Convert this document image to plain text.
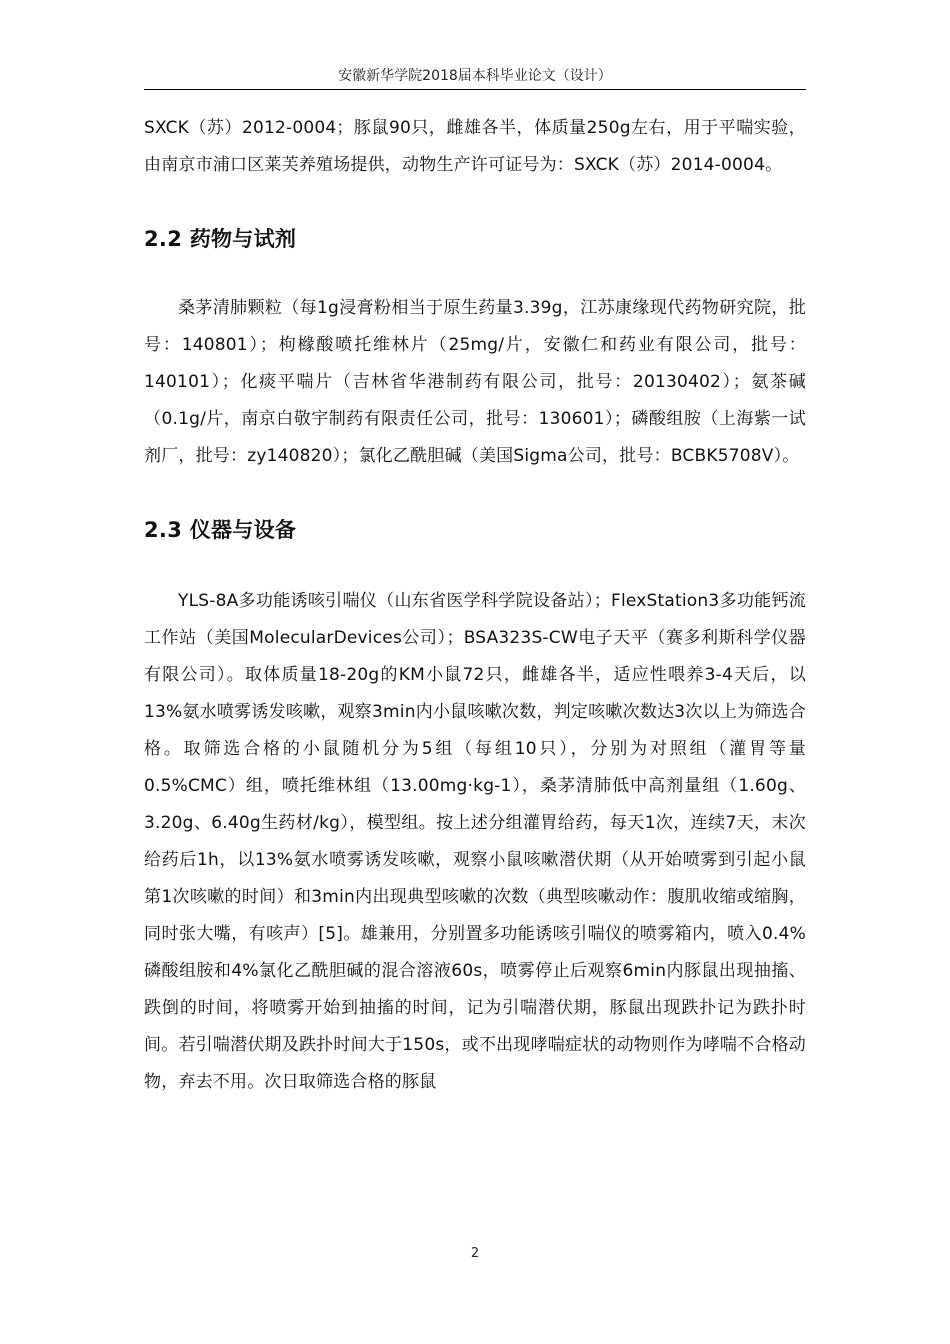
安徽新华学院2018届本科毕业论文（设计）

SXCK（苏）2012-0004；豚鼠90只，雌雄各半，体质量250g左右，用于平喘实验，由南京市浦口区莱芙养殖场提供，动物生产许可证号为：SXCK（苏）2014-0004。

2.2 药物与试剂

桑茅清肺颗粒（每1g浸膏粉相当于原生药量3.39g，江苏康缘现代药物研究院，批号：140801）；枸橼酸喷托维林片（25mg/片，安徽仁和药业有限公司，批号：140101）；化痰平喘片（吉林省华港制药有限公司，批号：20130402）；氨茶碱（0.1g/片，南京白敬宇制药有限责任公司，批号：130601）；磷酸组胺（上海紫一试剂厂，批号：zy140820）；氯化乙酰胆碱（美国Sigma公司，批号：BCBK5708V）。

2.3 仪器与设备

YLS-8A多功能诱咳引喘仪（山东省医学科学院设备站）；FlexStation3多功能钙流工作站（美国MolecularDevices公司）；BSA323S-CW电子天平（赛多利斯科学仪器有限公司）。取体质量18-20g的KM小鼠72只，雌雄各半，适应性喂养3-4天后，以13%氨水喷雾诱发咳嗽，观察3min内小鼠咳嗽次数，判定咳嗽次数达3次以上为筛选合格。取筛选合格的小鼠随机分为5组（每组10只），分别为对照组（灌胃等量0.5%CMC）组，喷托维林组（13.00mg·kg-1），桑茅清肺低中高剂量组（1.60g、3.20g、6.40g生药材/kg），模型组。按上述分组灌胃给药，每天1次，连续7天，末次给药后1h，以13%氨水喷雾诱发咳嗽，观察小鼠咳嗽潜伏期（从开始喷雾到引起小鼠第1次咳嗽的时间）和3min内出现典型咳嗽的次数（典型咳嗽动作：腹肌收缩或缩胸，同时张大嘴，有咳声）[5]。雄兼用，分别置多功能诱咳引喘仪的喷雾箱内，喷入0.4%磷酸组胺和4%氯化乙酰胆碱的混合溶液60s，喷雾停止后观察6min内豚鼠出现抽搐、跌倒的时间，将喷雾开始到抽搐的时间，记为引喘潜伏期，豚鼠出现跌扑记为跌扑时间。若引喘潜伏期及跌扑时间大于150s，或不出现哮喘症状的动物则作为哮喘不合格动物，弃去不用。次日取筛选合格的豚鼠

2
